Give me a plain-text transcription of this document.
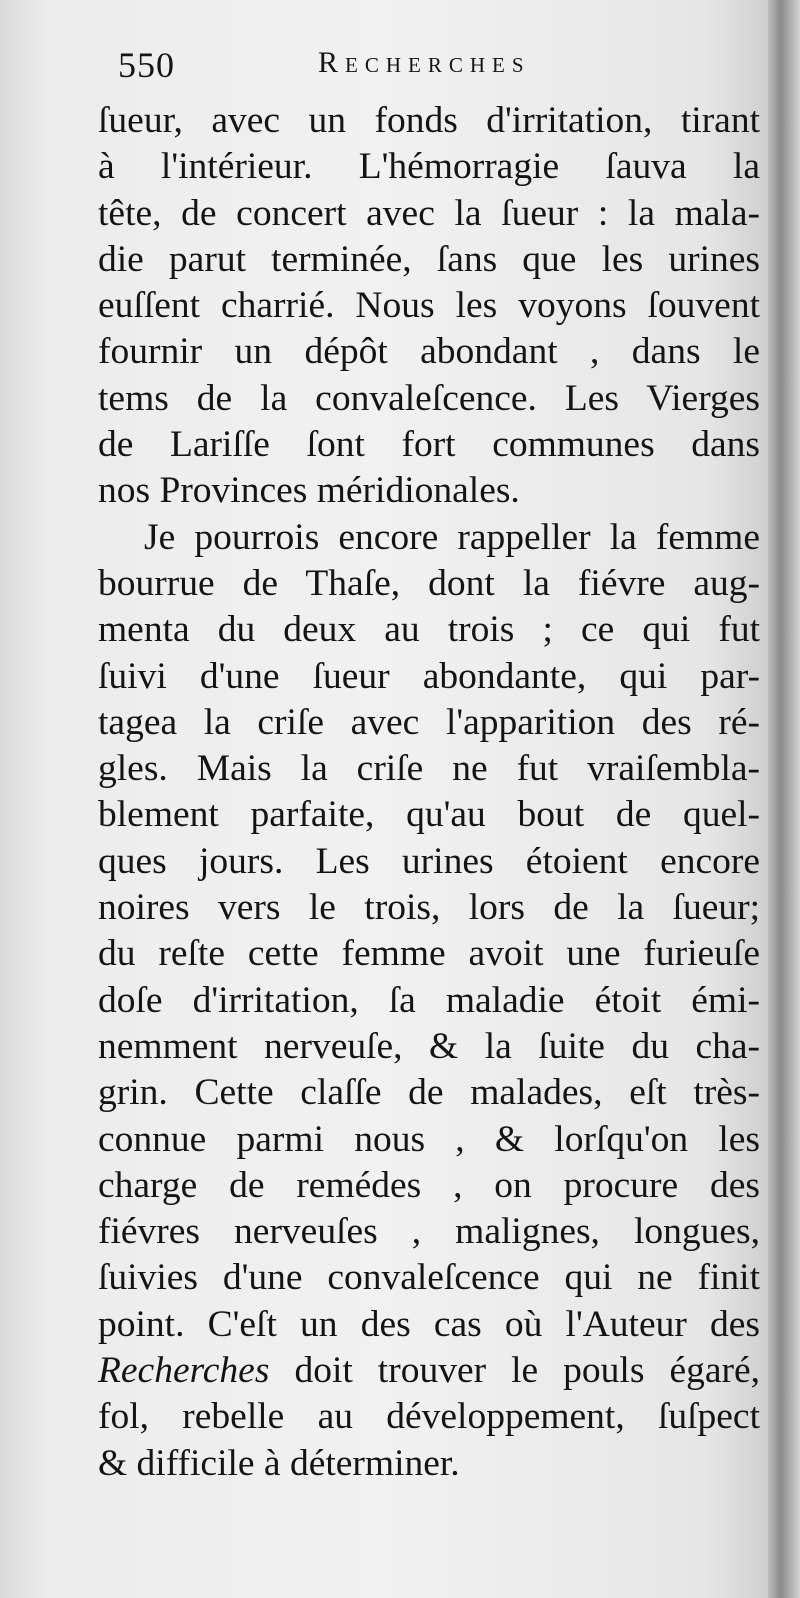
550	Recherches
ſueur, avec un fonds d'irritation, tirant
à l'intérieur. L'hémorragie ſauva la
tête, de concert avec la ſueur : la mala-
die parut terminée, ſans que les urines
euſſent charrié. Nous les voyons ſouvent
fournir un dépôt abondant , dans le
tems de la convaleſcence. Les Vierges
de Lariſſe ſont fort communes dans
nos Provinces méridionales.
Je pourrois encore rappeller la femme
bourrue de Thaſe, dont la fiévre aug-
menta du deux au trois ; ce qui fut
ſuivi d'une ſueur abondante, qui par-
tagea la criſe avec l'apparition des ré-
gles. Mais la criſe ne fut vraiſembla-
blement parfaite, qu'au bout de quel-
ques jours. Les urines étoient encore
noires vers le trois, lors de la ſueur;
du reſte cette femme avoit une furieuſe
doſe d'irritation, ſa maladie étoit émi-
nemment nerveuſe, & la ſuite du cha-
grin. Cette claſſe de malades, eſt très-
connue parmi nous , & lorſqu'on les
charge de remédes , on procure des
fiévres nerveuſes , malignes, longues,
ſuivies d'une convaleſcence qui ne finit
point. C'eſt un des cas où l'Auteur des
Recherches doit trouver le pouls égaré,
fol, rebelle au développement, ſuſpect
& difficile à déterminer.
